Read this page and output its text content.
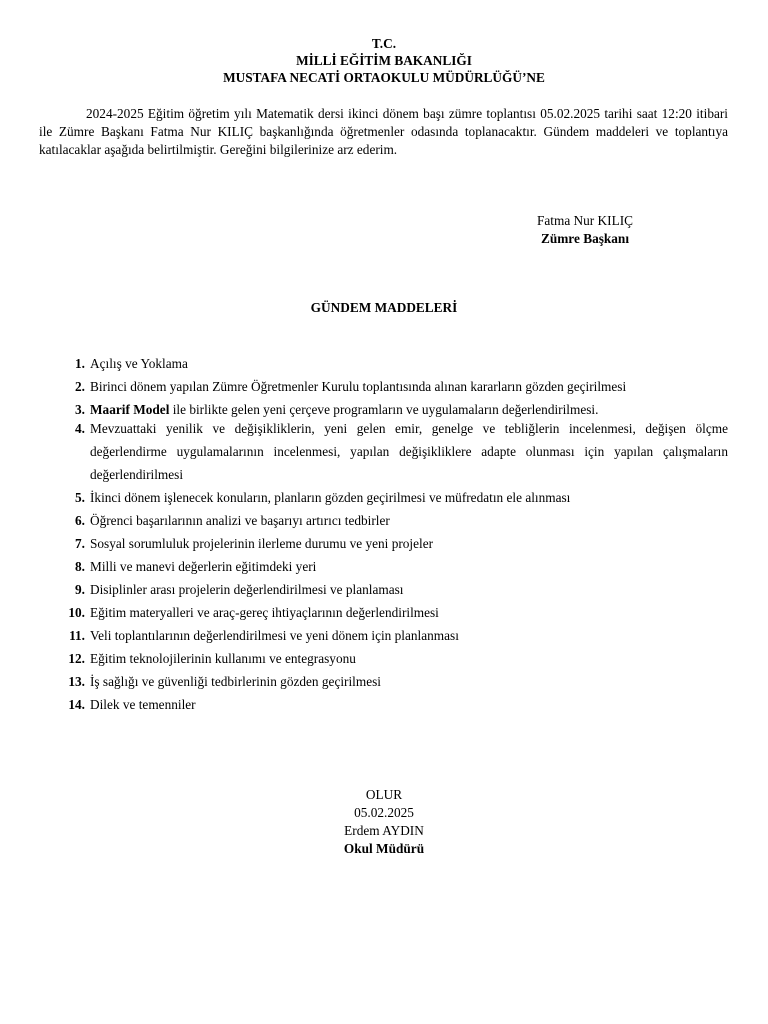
T.C.
MİLLİ EĞİTİM BAKANLIĞI
MUSTAFA NECATİ ORTAOKULU MÜDÜRLÜĞÜ’NE

2024-2025 Eğitim öğretim yılı Matematik dersi ikinci dönem başı zümre toplantısı 05.02.2025 tarihi saat 12:20 itibari ile Zümre Başkanı Fatma Nur KILIÇ başkanlığında öğretmenler odasında toplanacaktır. Gündem maddeleri ve toplantıya katılacaklar aşağıda belirtilmiştir. Gereğini bilgilerinize arz ederim.

Fatma Nur KILIÇ
Zümre Başkanı
GÜNDEM MADDELERİ
1. Açılış ve Yoklama
2. Birinci dönem yapılan Zümre Öğretmenler Kurulu toplantısında alınan kararların gözden geçirilmesi
3. Maarif Model ile birlikte gelen yeni çerçeve programların ve uygulamaların değerlendirilmesi.
4. Mevzuattaki yenilik ve değişikliklerin, yeni gelen emir, genelge ve tebliğlerin incelenmesi, değişen ölçme değerlendirme uygulamalarının incelenmesi, yapılan değişikliklere adapte olunması için yapılan çalışmaların değerlendirilmesi
5. İkinci dönem işlenecek konuların, planların gözden geçirilmesi ve müfredatın ele alınması
6. Öğrenci başarılarının analizi ve başarıyı artırıcı tedbirler
7. Sosyal sorumluluk projelerinin ilerleme durumu ve yeni projeler
8. Milli ve manevi değerlerin eğitimdeki yeri
9. Disiplinler arası projelerin değerlendirilmesi ve planlaması
10. Eğitim materyalleri ve araç-gereç ihtiyaçlarının değerlendirilmesi
11. Veli toplantılarının değerlendirilmesi ve yeni dönem için planlanması
12. Eğitim teknolojilerinin kullanımı ve entegrasyonu
13. İş sağlığı ve güvenliği tedbirlerinin gözden geçirilmesi
14. Dilek ve temenniler
OLUR
05.02.2025
Erdem AYDIN
Okul Müdürü
